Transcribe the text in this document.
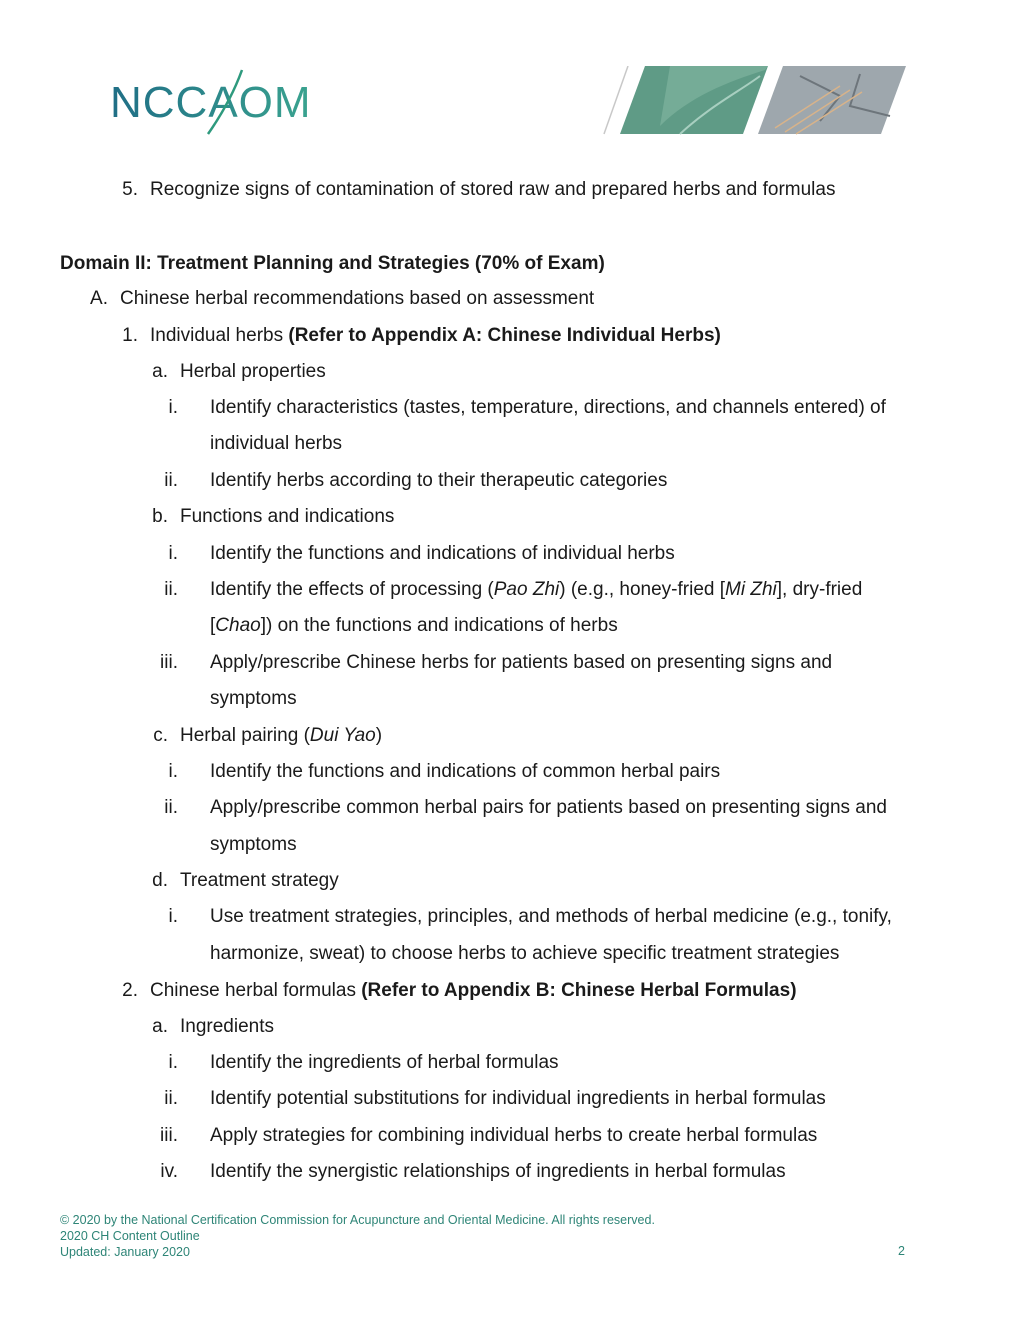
NCCAOM
5. Recognize signs of contamination of stored raw and prepared herbs and formulas
Domain II: Treatment Planning and Strategies (70% of Exam)
A. Chinese herbal recommendations based on assessment
1. Individual herbs (Refer to Appendix A: Chinese Individual Herbs)
a. Herbal properties
i. Identify characteristics (tastes, temperature, directions, and channels entered) of
individual herbs
ii. Identify herbs according to their therapeutic categories
b. Functions and indications
i. Identify the functions and indications of individual herbs
ii. Identify the effects of processing (Pao Zhi) (e.g., honey-fried [Mi Zhi], dry-fried
[Chao]) on the functions and indications of herbs
iii. Apply/prescribe Chinese herbs for patients based on presenting signs and
symptoms
c. Herbal pairing (Dui Yao)
i. Identify the functions and indications of common herbal pairs
ii. Apply/prescribe common herbal pairs for patients based on presenting signs and
symptoms
d. Treatment strategy
i. Use treatment strategies, principles, and methods of herbal medicine (e.g., tonify,
harmonize, sweat) to choose herbs to achieve specific treatment strategies
2. Chinese herbal formulas (Refer to Appendix B: Chinese Herbal Formulas)
a. Ingredients
i. Identify the ingredients of herbal formulas
ii. Identify potential substitutions for individual ingredients in herbal formulas
iii. Apply strategies for combining individual herbs to create herbal formulas
iv. Identify the synergistic relationships of ingredients in herbal formulas
© 2020 by the National Certification Commission for Acupuncture and Oriental Medicine. All rights reserved.
2020 CH Content Outline
Updated: January 2020	2
